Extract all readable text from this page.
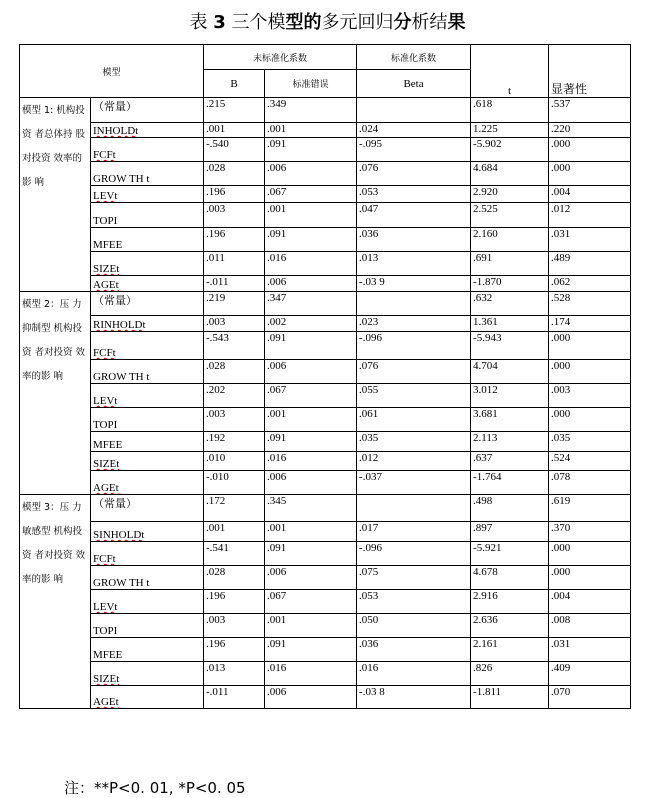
表 3 三个模型的多元回归分析结果
模型		未标准化系数		标准化系数	t	显著性
		B	标准错误	Beta		
模型 1: 机构投资 者总体持 股对投资 效率的影 响	（常量）	.215	.349		.618	.537
	INHOLDt	.001	.001	.024	1.225	.220
	FCFt	-.540	.091	-.095	-5.902	.000
	GROW TH t	.028	.006	.076	4.684	.000
	LEVt	.196	.067	.053	2.920	.004
	TOPI	.003	.001	.047	2.525	.012
	MFEE	.196	.091	.036	2.160	.031
	SIZEt	.011	.016	.013	.691	.489
	AGEt	-.011	.006	-.03 9	-1.870	.062
模型 2：压 力抑制型 机构投资 者对投资 效率的影 响	（常量）	.219	.347		.632	.528
	RINHOLDt	.003	.002	.023	1.361	.174
	FCFt	-.543	.091	-.096	-5.943	.000
	GROW TH t	.028	.006	.076	4.704	.000
	LEVt	.202	.067	.055	3.012	.003
	TOPI	.003	.001	.061	3.681	.000
	MFEE	.192	.091	.035	2.113	.035
	SIZEt	.010	.016	.012	.637	.524
	AGEt	-.010	.006	-.037	-1.764	.078
模型 3：压 力敏感型 机构投资 者对投资 效率的影 响	（常量）	.172	.345		.498	.619
	SINHOLDt	.001	.001	.017	.897	.370
	FCFt	-.541	.091	-.096	-5.921	.000
	GROW TH t	.028	.006	.075	4.678	.000
	LEVt	.196	.067	.053	2.916	.004
	TOPI	.003	.001	.050	2.636	.008
	MFEE	.196	.091	.036	2.161	.031
	SIZEt	.013	.016	.016	.826	.409
	AGEt	-.011	.006	-.03 8	-1.811	.070
注：**P<0. 01, *P<0. 05
